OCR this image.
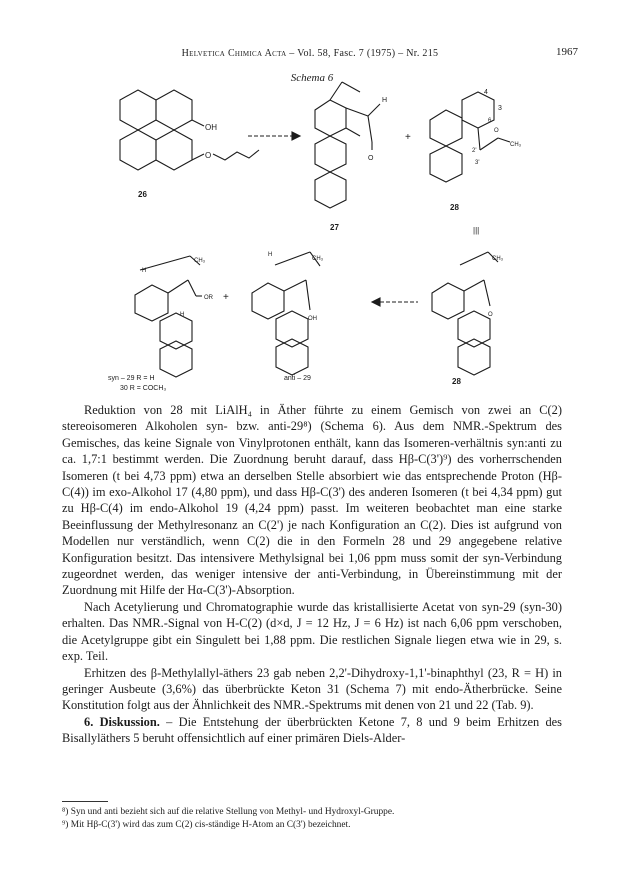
Helvetica Chimica Acta – Vol. 58, Fasc. 7 (1975) – Nr. 215	1967
Schema 6
OH
O
26
O
H
27
+
4
3
6
2'
3'
CH₃
O
28
|||
CH₃
H
OR
H
syn – 29 R = H
30 R = COCH₃
+
CH₃
H
OH
anti – 29
CH₃
O
28

Reduktion von 28 mit LiAlH₄ in Äther führte zu einem Gemisch von zwei an C(2) stereoisomeren Alkoholen syn- bzw. anti-29⁸) (Schema 6). Aus dem NMR.-Spektrum des Gemisches, das keine Signale von Vinylprotonen enthält, kann das Isomeren-verhältnis syn:anti zu ca. 1,7:1 bestimmt werden. Die Zuordnung beruht darauf, dass Hβ-C(3')⁹) des vorherrschenden Isomeren (t bei 4,73 ppm) etwa an derselben Stelle absorbiert wie das entsprechende Proton (Hβ-C(4)) im exo-Alkohol 17 (4,80 ppm), und dass Hβ-C(3') des anderen Isomeren (t bei 4,34 ppm) gut zu Hβ-C(4) im endo-Alkohol 19 (4,24 ppm) passt. Im weiteren beobachtet man eine starke Beeinflussung der Methylresonanz an C(2') je nach Konfiguration an C(2). Dies ist aufgrund von Modellen nur verständlich, wenn C(2) die in den Formeln 28 und 29 angegebene relative Konfiguration besitzt. Das intensivere Methylsignal bei 1,06 ppm muss somit der syn-Verbindung zugeordnet werden, das weniger intensive der anti-Verbindung, in Übereinstimmung mit der Zuordnung mit Hilfe der Hα-C(3')-Absorption.

Nach Acetylierung und Chromatographie wurde das kristallisierte Acetat von syn-29 (syn-30) erhalten. Das NMR.-Signal von H-C(2) (d×d, J = 12 Hz, J = 6 Hz) ist nach 6,06 ppm verschoben, die Acetylgruppe gibt ein Singulett bei 1,88 ppm. Die restlichen Signale liegen etwa wie in 29, s. exp. Teil.

Erhitzen des β-Methylallyl-äthers 23 gab neben 2,2'-Dihydroxy-1,1'-binaphthyl (23, R = H) in geringer Ausbeute (3,6%) das überbrückte Keton 31 (Schema 7) mit endo-Ätherbrücke. Seine Konstitution folgt aus der Ähnlichkeit des NMR.-Spektrums mit denen von 21 und 22 (Tab. 9).

6. Diskussion. – Die Entstehung der überbrückten Ketone 7, 8 und 9 beim Erhitzen des Bisallyläthers 5 beruht offensichtlich auf einer primären Diels-Alder-

⁸) Syn und anti bezieht sich auf die relative Stellung von Methyl- und Hydroxyl-Gruppe.
⁹) Mit Hβ-C(3') wird das zum C(2) cis-ständige H-Atom an C(3') bezeichnet.
